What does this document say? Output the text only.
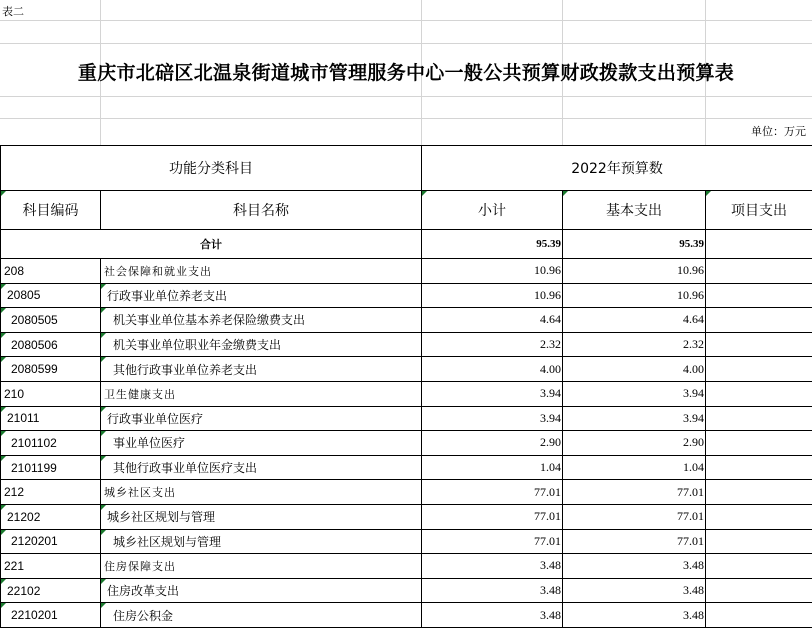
表二
重庆市北碚区北温泉街道城市管理服务中心一般公共预算财政拨款支出预算表
单位：万元
功能分类科目		2022年预算数		
科目编码	科目名称	小计	基本支出	项目支出
合计		95.39	95.39	
208	社会保障和就业支出	10.96	10.96	
20805	行政事业单位养老支出	10.96	10.96	
2080505	机关事业单位基本养老保险缴费支出	4.64	4.64	
2080506	机关事业单位职业年金缴费支出	2.32	2.32	
2080599	其他行政事业单位养老支出	4.00	4.00	
210	卫生健康支出	3.94	3.94	
21011	行政事业单位医疗	3.94	3.94	
2101102	事业单位医疗	2.90	2.90	
2101199	其他行政事业单位医疗支出	1.04	1.04	
212	城乡社区支出	77.01	77.01	
21202	城乡社区规划与管理	77.01	77.01	
2120201	城乡社区规划与管理	77.01	77.01	
221	住房保障支出	3.48	3.48	
22102	住房改革支出	3.48	3.48	
2210201	住房公积金	3.48	3.48	
